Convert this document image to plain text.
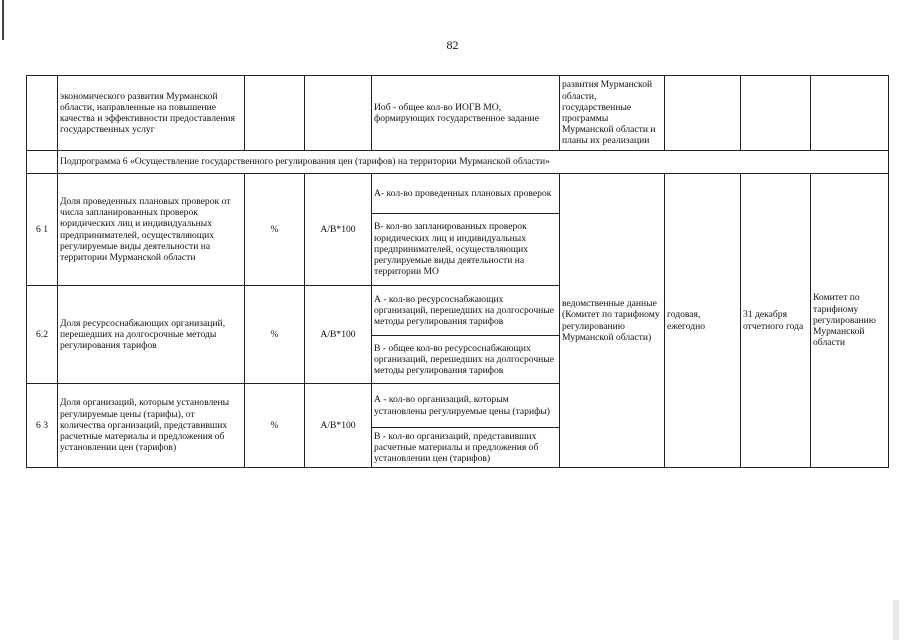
82
	экономического развития Мурманской области, направленные на повышение качества и эффективности предоставления государственных услуг			Иоб - общее кол-во ИОГВ МО, формирующих государственное задание	развития Мурманской области, государственные программы Мурманской области и планы их реализации			
	Подпрограмма 6 «Осуществление государственного регулирования цен (тарифов) на территории Мурманской области»							
6 1	Доля проведенных плановых проверок от числа запланированных проверок юридических лиц и индивидуальных предпринимателей, осуществляющих регулируемые виды деятельности на территории Мурманской области	%	A/B*100	А- кол-во проведенных плановых проверок	ведомственные данные (Комитет по тарифному регулированию Мурманской области)	годовая, ежегодно	31 декабря отчетного года	Комитет по тарифному регулированию Мурманской области
				В- кол-во запланированных проверок юридических лиц и индивидуальных предпринимателей, осуществляющих регулируемые виды деятельности на территории МО				
6.2	Доля ресурсоснабжающих организаций, перешедших на долгосрочные методы регулирования тарифов	%	A/B*100	А - кол-во ресурсоснабжающих организаций, перешедших на долгосрочные методы регулирования тарифов				
				В - общее кол-во ресурсоснабжающих организаций, перешедших на долгосрочные методы регулирования тарифов				
6 3	Доля организаций, которым установлены регулируемые цены (тарифы), от количества организаций, представивших расчетные материалы и предложения об установлении цен (тарифов)	%	A/B*100	А - кол-во организаций, которым установлены регулируемые цены (тарифы)				
				В - кол-во организаций, представивших расчетные материалы и предложения об установлении цен (тарифов)				
